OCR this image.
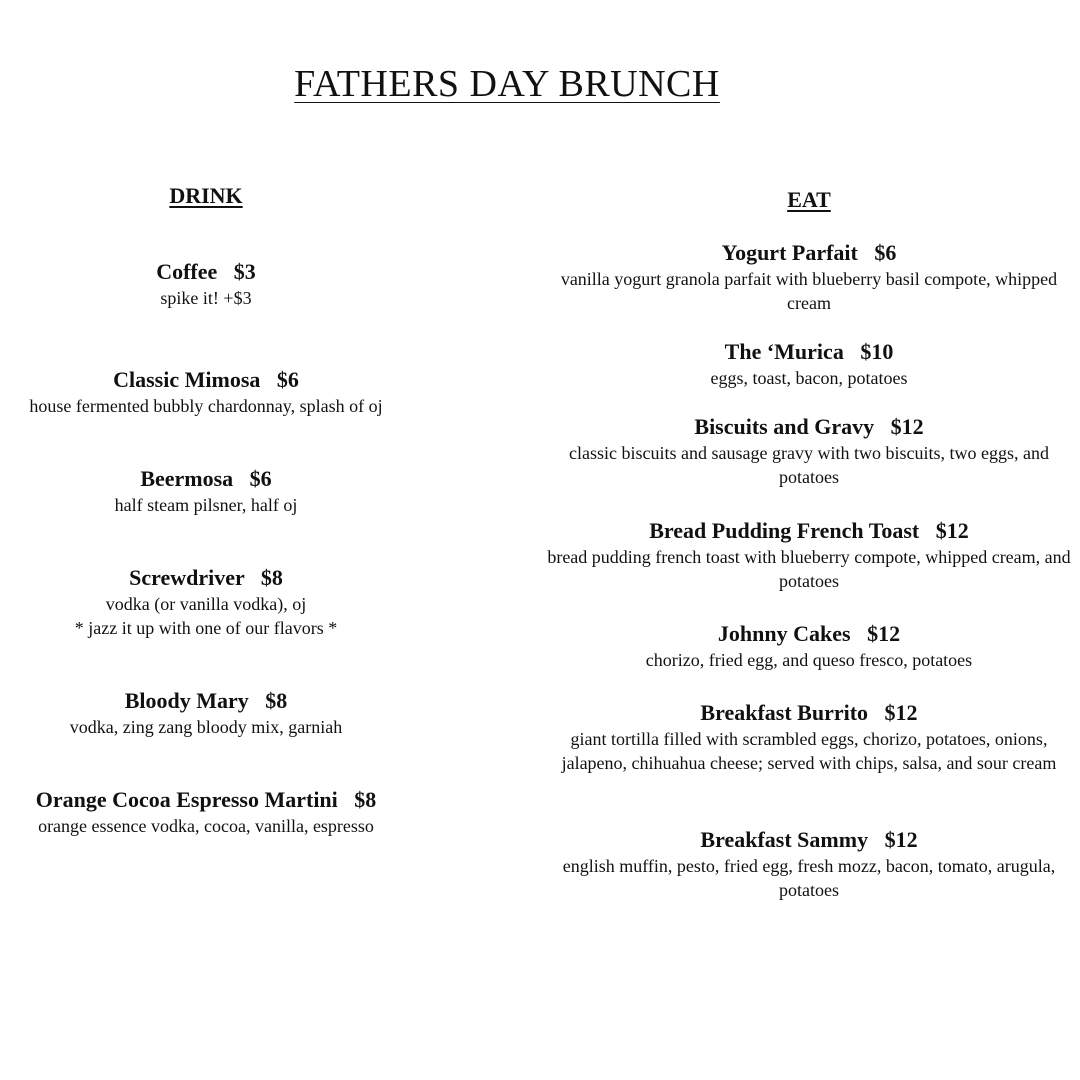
FATHERS DAY BRUNCH
DRINK
Coffee   $3
spike it! +$3
Classic Mimosa   $6
house fermented bubbly chardonnay, splash of oj
Beermosa   $6
half steam pilsner, half oj
Screwdriver   $8
vodka (or vanilla vodka), oj
* jazz it up with one of our flavors *
Bloody Mary   $8
vodka, zing zang bloody mix, garniah
Orange Cocoa Espresso Martini   $8
orange essence vodka, cocoa, vanilla, espresso
EAT
Yogurt Parfait   $6
vanilla yogurt granola parfait with blueberry basil compote, whipped cream
The ‘Murica   $10
eggs, toast, bacon, potatoes
Biscuits and Gravy   $12
classic biscuits and sausage gravy with two biscuits, two eggs, and potatoes
Bread Pudding French Toast   $12
bread pudding french toast with blueberry compote, whipped cream, and potatoes
Johnny Cakes   $12
chorizo, fried egg, and queso fresco, potatoes
Breakfast Burrito   $12
giant tortilla filled with scrambled eggs, chorizo, potatoes, onions, jalapeno, chihuahua cheese; served with chips, salsa, and sour cream
Breakfast Sammy   $12
english muffin, pesto, fried egg, fresh mozz, bacon, tomato, arugula, potatoes
